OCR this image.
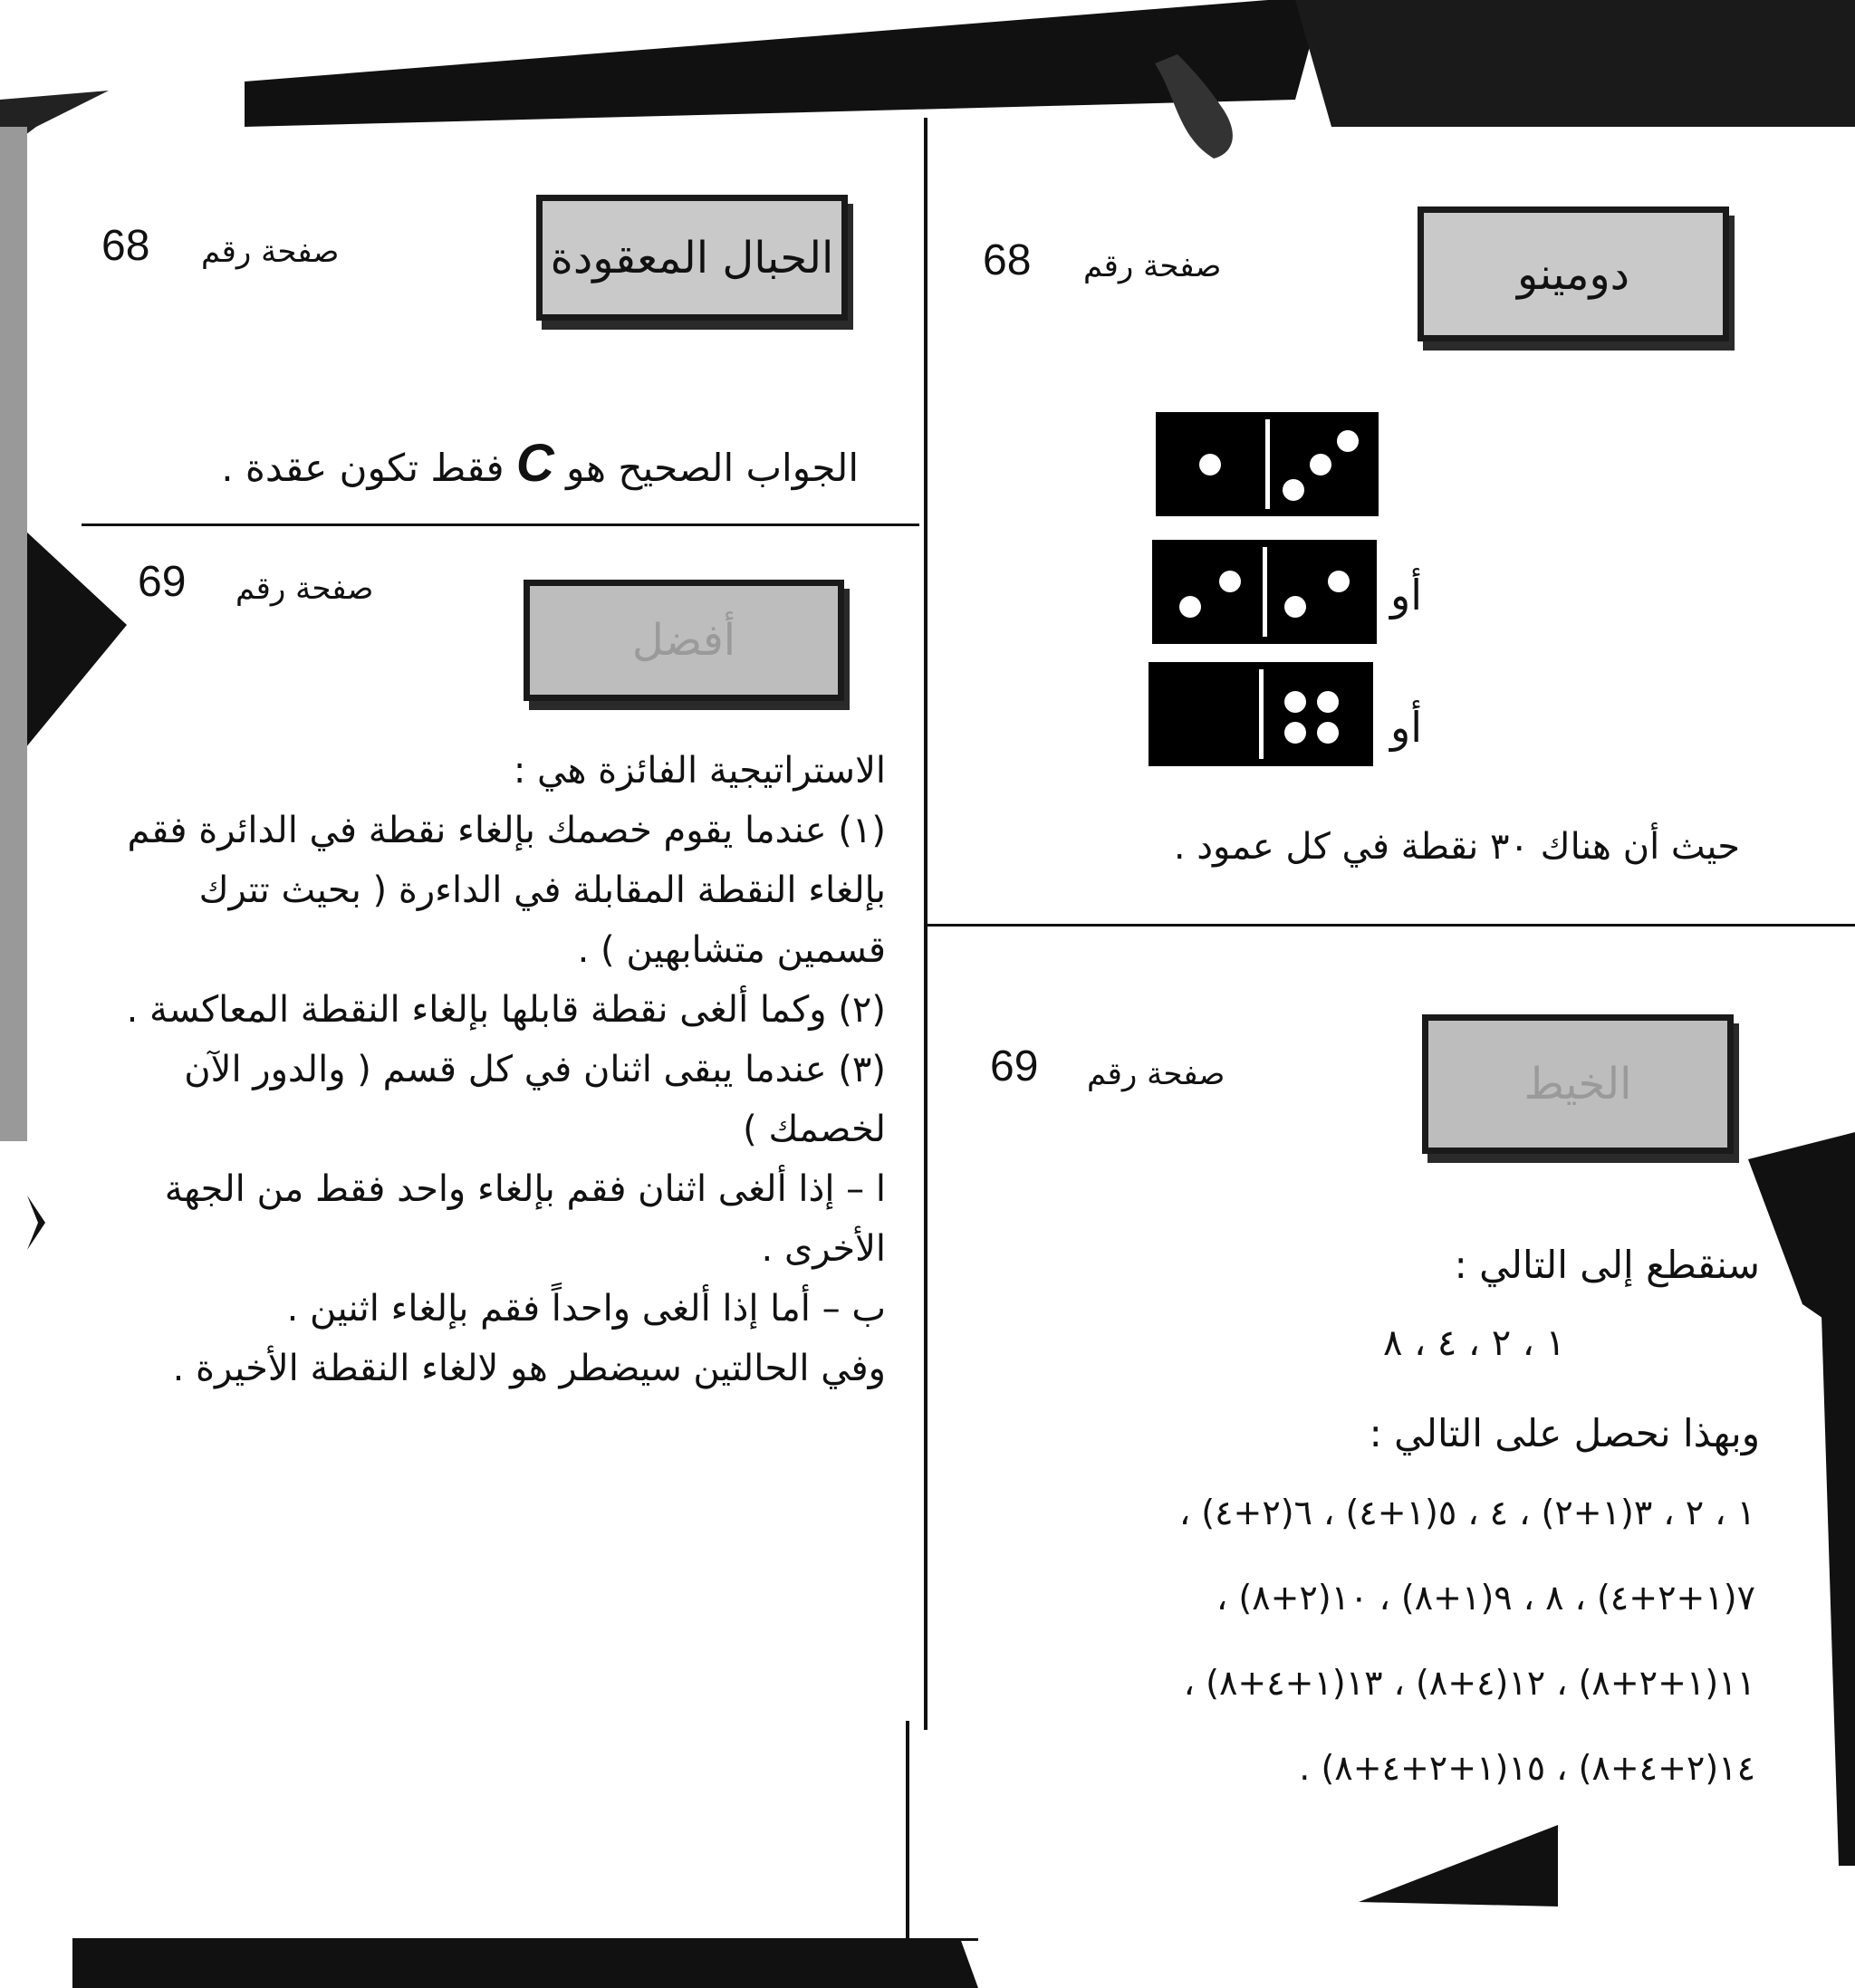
68 صفحة رقم	الحبال المعقودة
الجواب الصحيح هو C فقط تكون عقدة .
69 صفحة رقم
أفضل
الاستراتيجية الفائزة هي :
(١) عندما يقوم خصمك بإلغاء نقطة في الدائرة فقم
بإلغاء النقطة المقابلة في الداءرة ( بحيث تترك
قسمين متشابهين ) .
(٢) وكما ألغى نقطة قابلها بإلغاء النقطة المعاكسة .
(٣) عندما يبقى اثنان في كل قسم ( والدور الآن
لخصمك )
ا – إذا ألغى اثنان فقم بإلغاء واحد فقط من الجهة
الأخرى .
ب – أما إذا ألغى واحداً فقم بإلغاء اثنين .
وفي الحالتين سيضطر هو لالغاء النقطة الأخيرة .
68 صفحة رقم	دومينو
أو
أو
حيث أن هناك ٣٠ نقطة في كل عمود .
69 صفحة رقم	الخيط
سنقطع إلى التالي :
١ ، ٢ ، ٤ ، ٨
وبهذا نحصل على التالي :
١ ، ٢ ، ٣(١+٢) ، ٤ ، ٥(١+٤) ، ٦(٢+٤) ،
٧(١+٢+٤) ، ٨ ، ٩(١+٨) ، ١٠(٢+٨) ،
١١(١+٢+٨) ، ١٢(٤+٨) ، ١٣(١+٤+٨) ،
١٤(٢+٤+٨) ، ١٥(١+٢+٤+٨) .
